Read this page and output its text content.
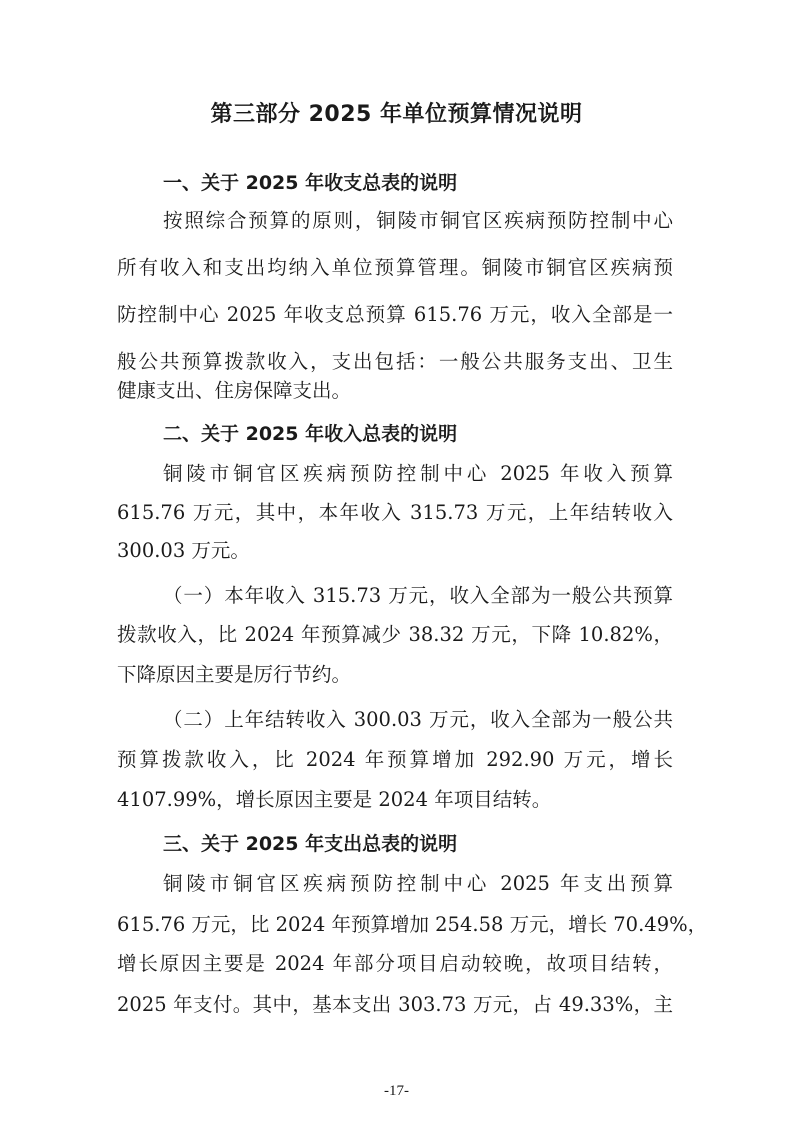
第三部分 2025 年单位预算情况说明
一、关于 2025 年收支总表的说明
按照综合预算的原则，铜陵市铜官区疾病预防控制中心
所有收入和支出均纳入单位预算管理。铜陵市铜官区疾病预
防控制中心 2025 年收支总预算 615.76 万元，收入全部是一
般公共预算拨款收入，支出包括：一般公共服务支出、卫生
健康支出、住房保障支出。
二、关于 2025 年收入总表的说明
铜陵市铜官区疾病预防控制中心 2025 年收入预算
615.76 万元，其中，本年收入 315.73 万元，上年结转收入
300.03 万元。
（一）本年收入 315.73 万元，收入全部为一般公共预算
拨款收入，比 2024 年预算减少 38.32 万元，下降 10.82%，
下降原因主要是厉行节约。
（二）上年结转收入 300.03 万元，收入全部为一般公共
预算拨款收入，比 2024 年预算增加 292.90 万元，增长
4107.99%，增长原因主要是 2024 年项目结转。
三、关于 2025 年支出总表的说明
铜陵市铜官区疾病预防控制中心 2025 年支出预算
615.76 万元，比 2024 年预算增加 254.58 万元，增长 70.49%，
增长原因主要是 2024 年部分项目启动较晚，故项目结转，
2025 年支付。其中，基本支出 303.73 万元，占 49.33%，主
-17-
